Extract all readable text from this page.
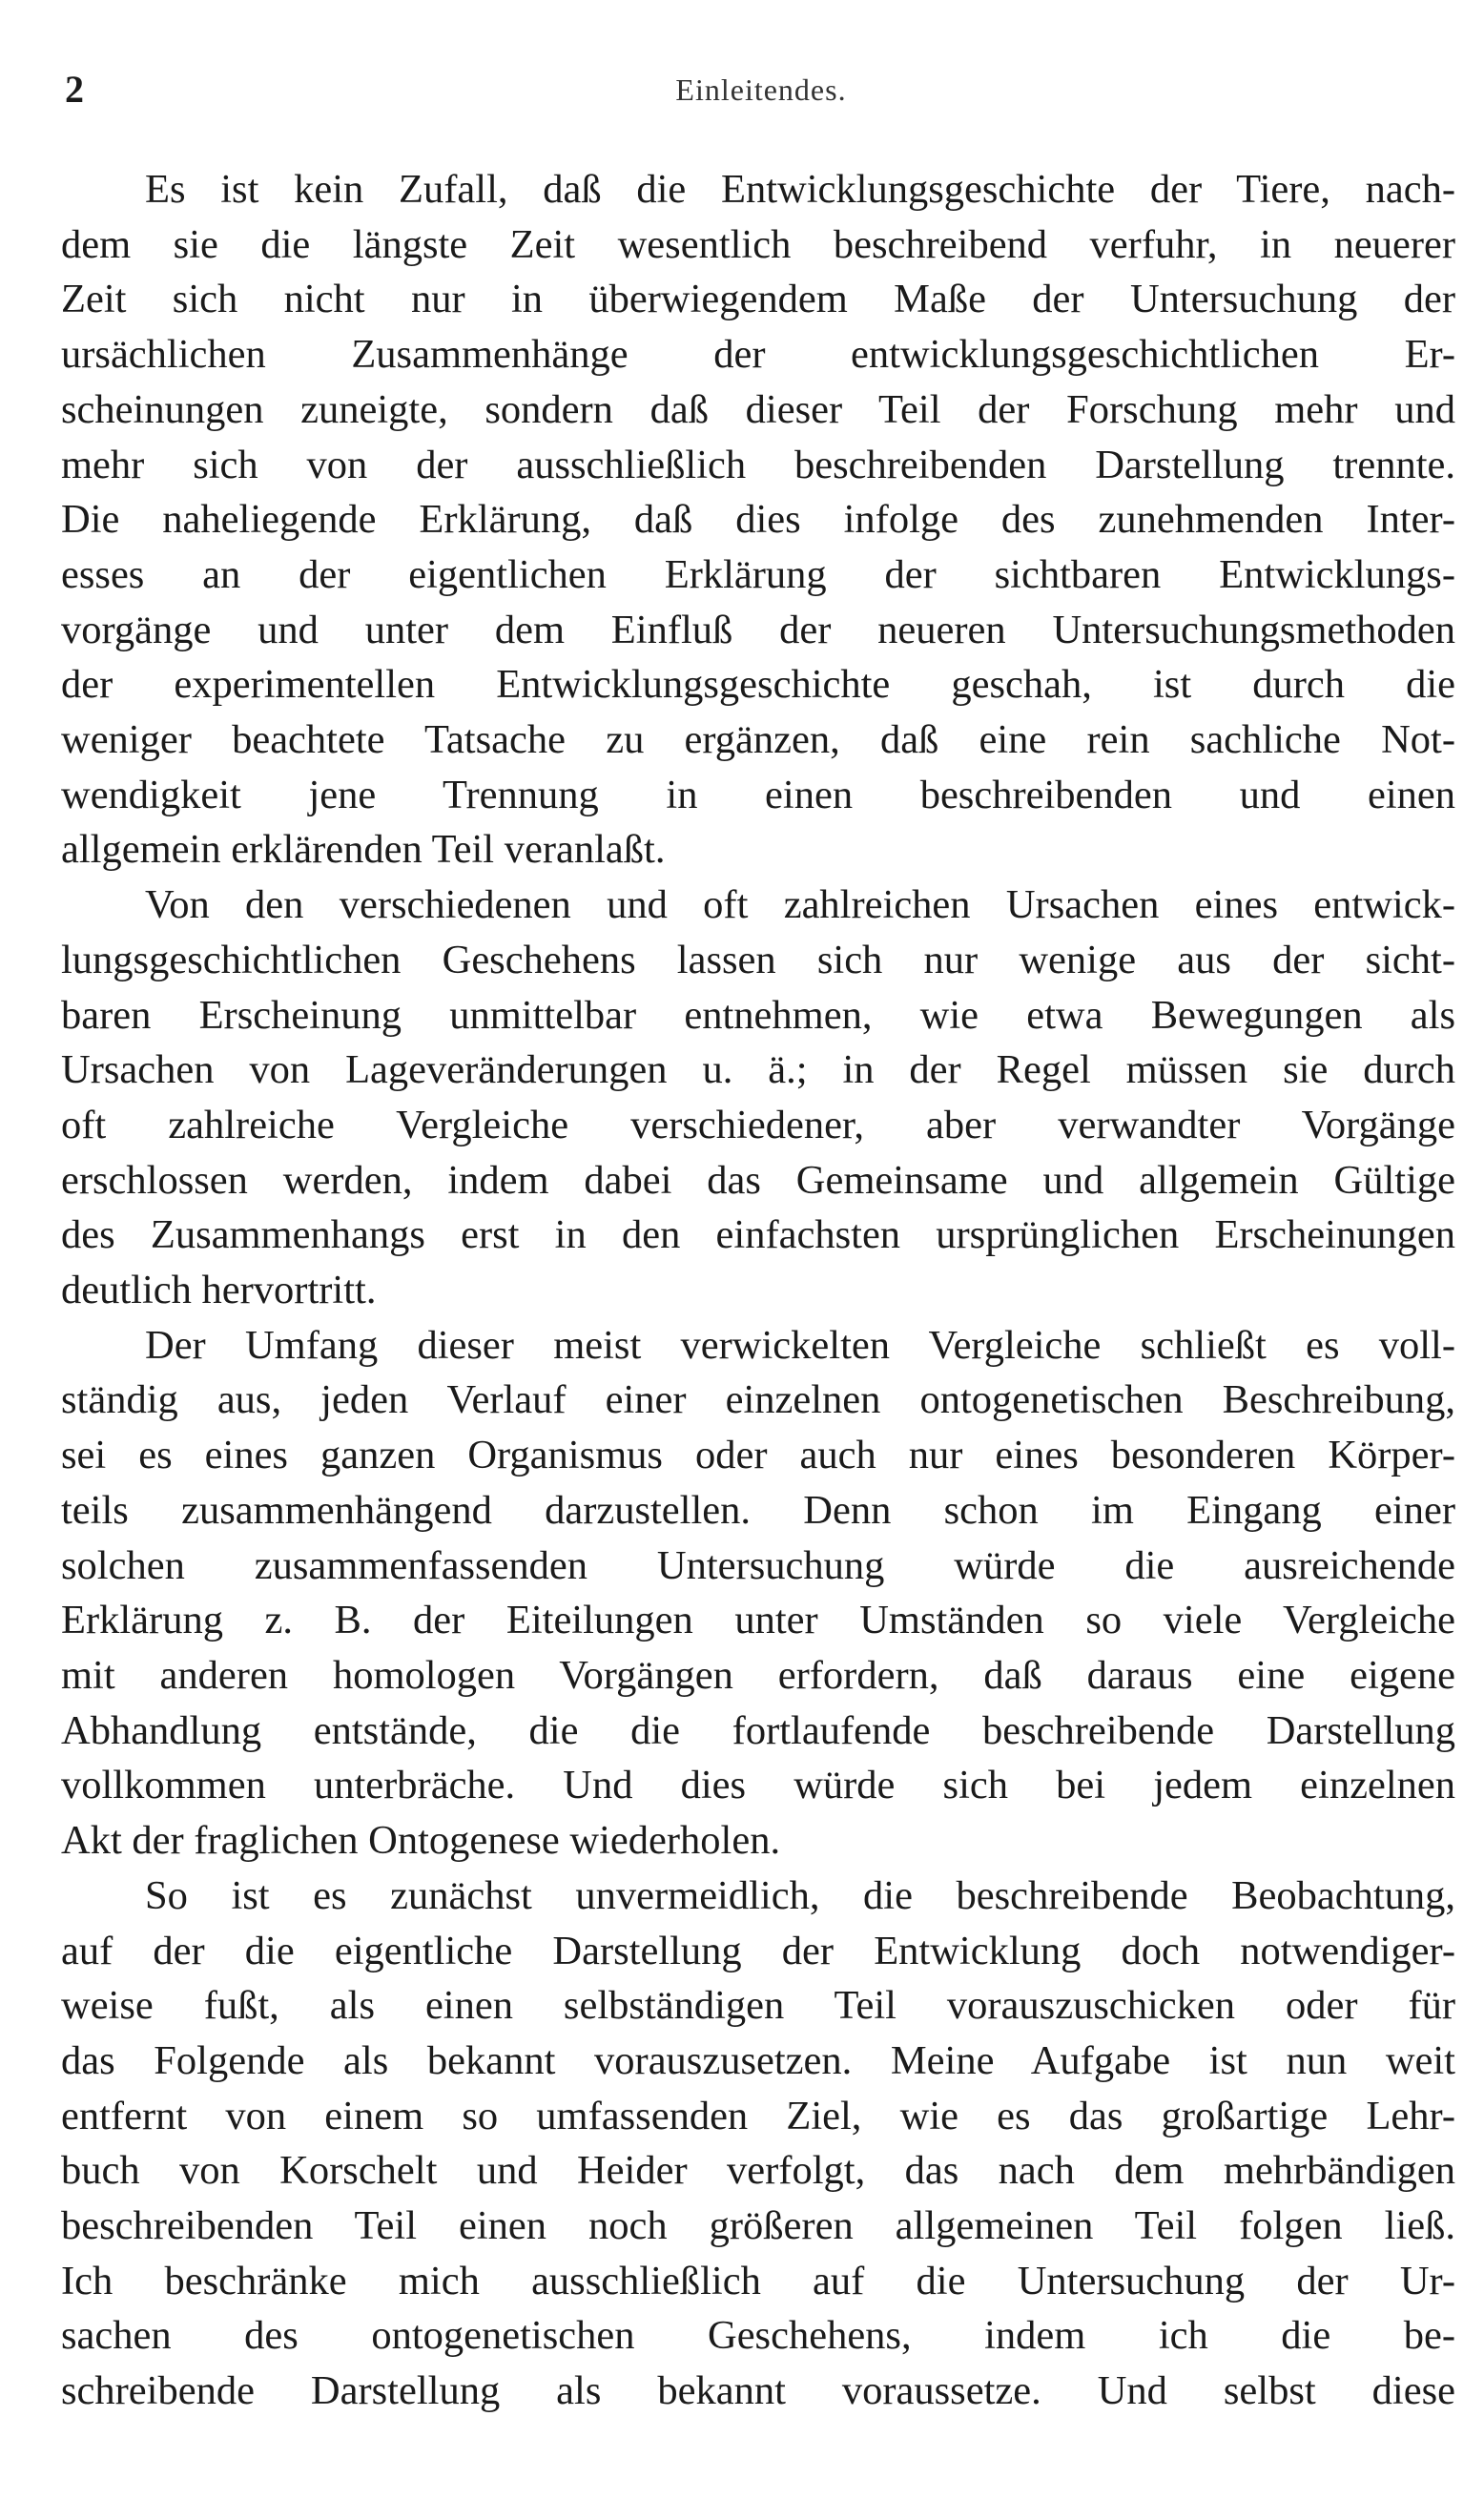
2	Einleitendes.
Es ist kein Zufall, daß die Entwicklungsgeschichte der Tiere, nach-
dem sie die längste Zeit wesentlich beschreibend verfuhr, in neuerer
Zeit sich nicht nur in überwiegendem Maße der Untersuchung der
ursächlichen Zusammenhänge der entwicklungsgeschichtlichen Er-
scheinungen zuneigte, sondern daß dieser Teil der Forschung mehr und
mehr sich von der ausschließlich beschreibenden Darstellung trennte.
Die naheliegende Erklärung, daß dies infolge des zunehmenden Inter-
esses an der eigentlichen Erklärung der sichtbaren Entwicklungs-
vorgänge und unter dem Einfluß der neueren Untersuchungsmethoden
der experimentellen Entwicklungsgeschichte geschah, ist durch die
weniger beachtete Tatsache zu ergänzen, daß eine rein sachliche Not-
wendigkeit jene Trennung in einen beschreibenden und einen
allgemein erklärenden Teil veranlaßt.
Von den verschiedenen und oft zahlreichen Ursachen eines entwick-
lungsgeschichtlichen Geschehens lassen sich nur wenige aus der sicht-
baren Erscheinung unmittelbar entnehmen, wie etwa Bewegungen als
Ursachen von Lageveränderungen u. ä.; in der Regel müssen sie durch
oft zahlreiche Vergleiche verschiedener, aber verwandter Vorgänge
erschlossen werden, indem dabei das Gemeinsame und allgemein Gültige
des Zusammenhangs erst in den einfachsten ursprünglichen Erscheinungen
deutlich hervortritt.
Der Umfang dieser meist verwickelten Vergleiche schließt es voll-
ständig aus, jeden Verlauf einer einzelnen ontogenetischen Beschreibung,
sei es eines ganzen Organismus oder auch nur eines besonderen Körper-
teils zusammenhängend darzustellen. Denn schon im Eingang einer
solchen zusammenfassenden Untersuchung würde die ausreichende
Erklärung z. B. der Eiteilungen unter Umständen so viele Vergleiche
mit anderen homologen Vorgängen erfordern, daß daraus eine eigene
Abhandlung entstände, die die fortlaufende beschreibende Darstellung
vollkommen unterbräche. Und dies würde sich bei jedem einzelnen
Akt der fraglichen Ontogenese wiederholen.
So ist es zunächst unvermeidlich, die beschreibende Beobachtung,
auf der die eigentliche Darstellung der Entwicklung doch notwendiger-
weise fußt, als einen selbständigen Teil vorauszuschicken oder für
das Folgende als bekannt vorauszusetzen. Meine Aufgabe ist nun weit
entfernt von einem so umfassenden Ziel, wie es das großartige Lehr-
buch von Korschelt und Heider verfolgt, das nach dem mehrbändigen
beschreibenden Teil einen noch größeren allgemeinen Teil folgen ließ.
Ich beschränke mich ausschließlich auf die Untersuchung der Ur-
sachen des ontogenetischen Geschehens, indem ich die be-
schreibende Darstellung als bekannt voraussetze. Und selbst diese
